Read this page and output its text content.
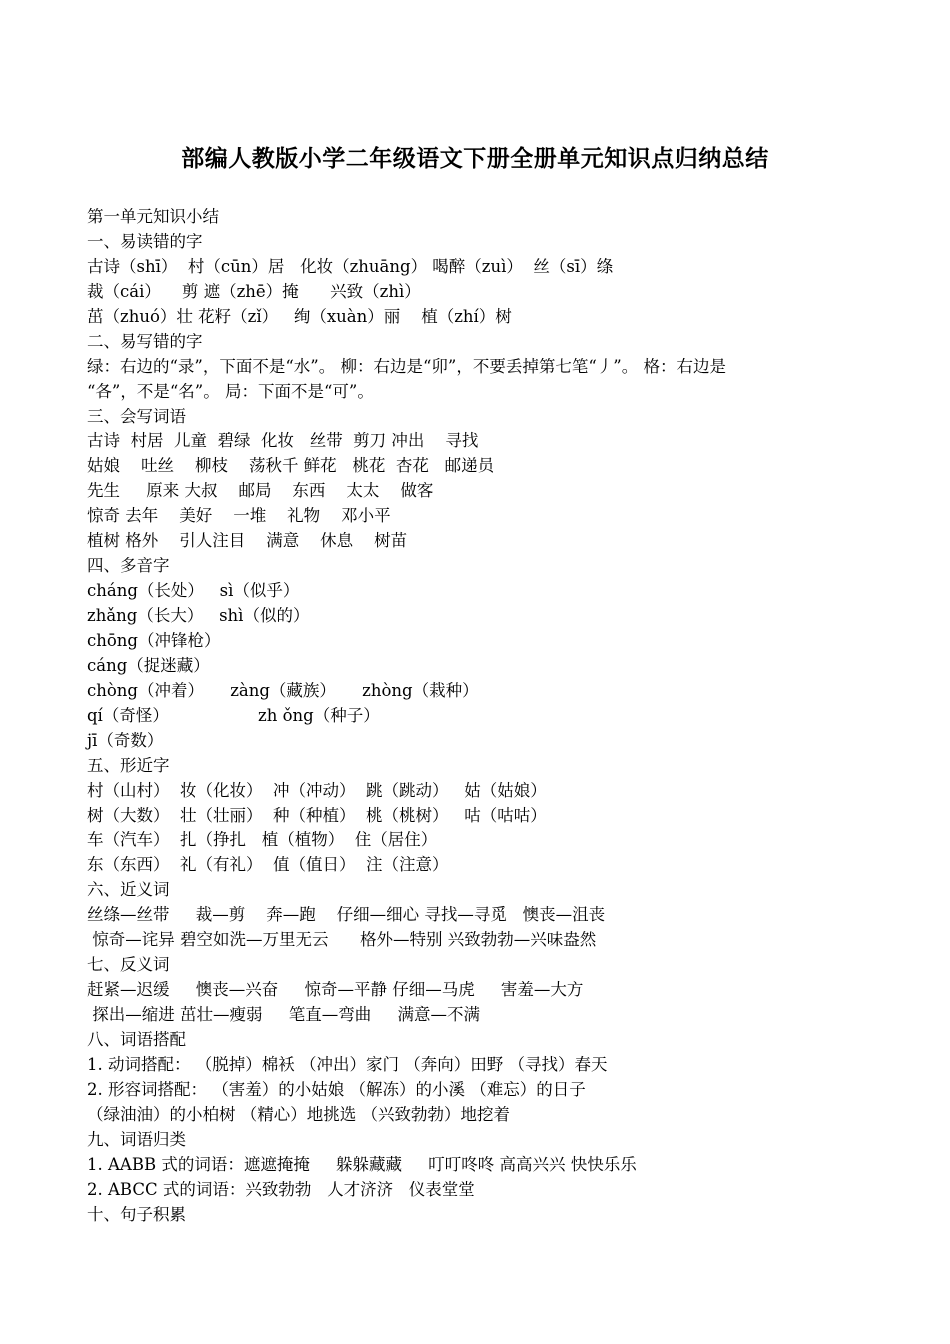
部编人教版小学二年级语文下册全册单元知识点归纳总结
第一单元知识小结
一、易读错的字
古诗（shī）  村（cūn）居   化妆（zhuāng） 喝醉（zuì）  丝（sī）绦
裁（cái）    剪 遮（zhē）掩      兴致（zhì）
茁（zhuó）壮 花籽（zǐ）   绚（xuàn）丽    植（zhí）树
二、易写错的字
绿：右边的“录”，下面不是“水”。 柳：右边是“卯”，不要丢掉第七笔“丿”。 格：右边是
“各”，不是“名”。 局：下面不是“可”。
三、会写词语
古诗  村居  儿童  碧绿  化妆   丝带  剪刀 冲出    寻找
姑娘    吐丝    柳枝    荡秋千 鲜花   桃花  杏花   邮递员
先生     原来 大叔    邮局    东西    太太    做客
惊奇 去年    美好    一堆    礼物    邓小平
植树 格外    引人注目    满意    休息    树苗
四、多音字
cháng（长处）   sì（似乎）
zhǎng（长大）   shì（似的）
chōng（冲锋枪）
cáng（捉迷藏）
chòng（冲着）     zàng（藏族）     zhòng（栽种）
qí（奇怪）                 zh ǒng（种子）
jī（奇数）
五、形近字
村（山村）  妆（化妆）  冲（冲动）  跳（跳动）   姑（姑娘）
树（大数）  壮（壮丽）  种（种植）  桃（桃树）   咕（咕咕）
车（汽车）  扎（挣扎   植（植物）  住（居住）
东（东西）  礼（有礼）  值（值日）  注（注意）
六、近义词
丝绦—丝带     裁—剪    奔—跑    仔细—细心 寻找—寻觅   懊丧—沮丧
惊奇—诧异 碧空如洗—万里无云      格外—特别 兴致勃勃—兴味盎然
七、反义词
赶紧—迟缓     懊丧—兴奋     惊奇—平静 仔细—马虎     害羞—大方
探出—缩进 茁壮—瘦弱     笔直—弯曲     满意—不满
八、词语搭配
1. 动词搭配： （脱掉）棉袄 （冲出）家门 （奔向）田野 （寻找）春天
2. 形容词搭配： （害羞）的小姑娘 （解冻）的小溪 （难忘）的日子
（绿油油）的小柏树 （精心）地挑选 （兴致勃勃）地挖着
九、词语归类
1. AABB 式的词语：遮遮掩掩     躲躲藏藏     叮叮咚咚 高高兴兴 快快乐乐
2. ABCC 式的词语：兴致勃勃   人才济济   仪表堂堂
十、句子积累
